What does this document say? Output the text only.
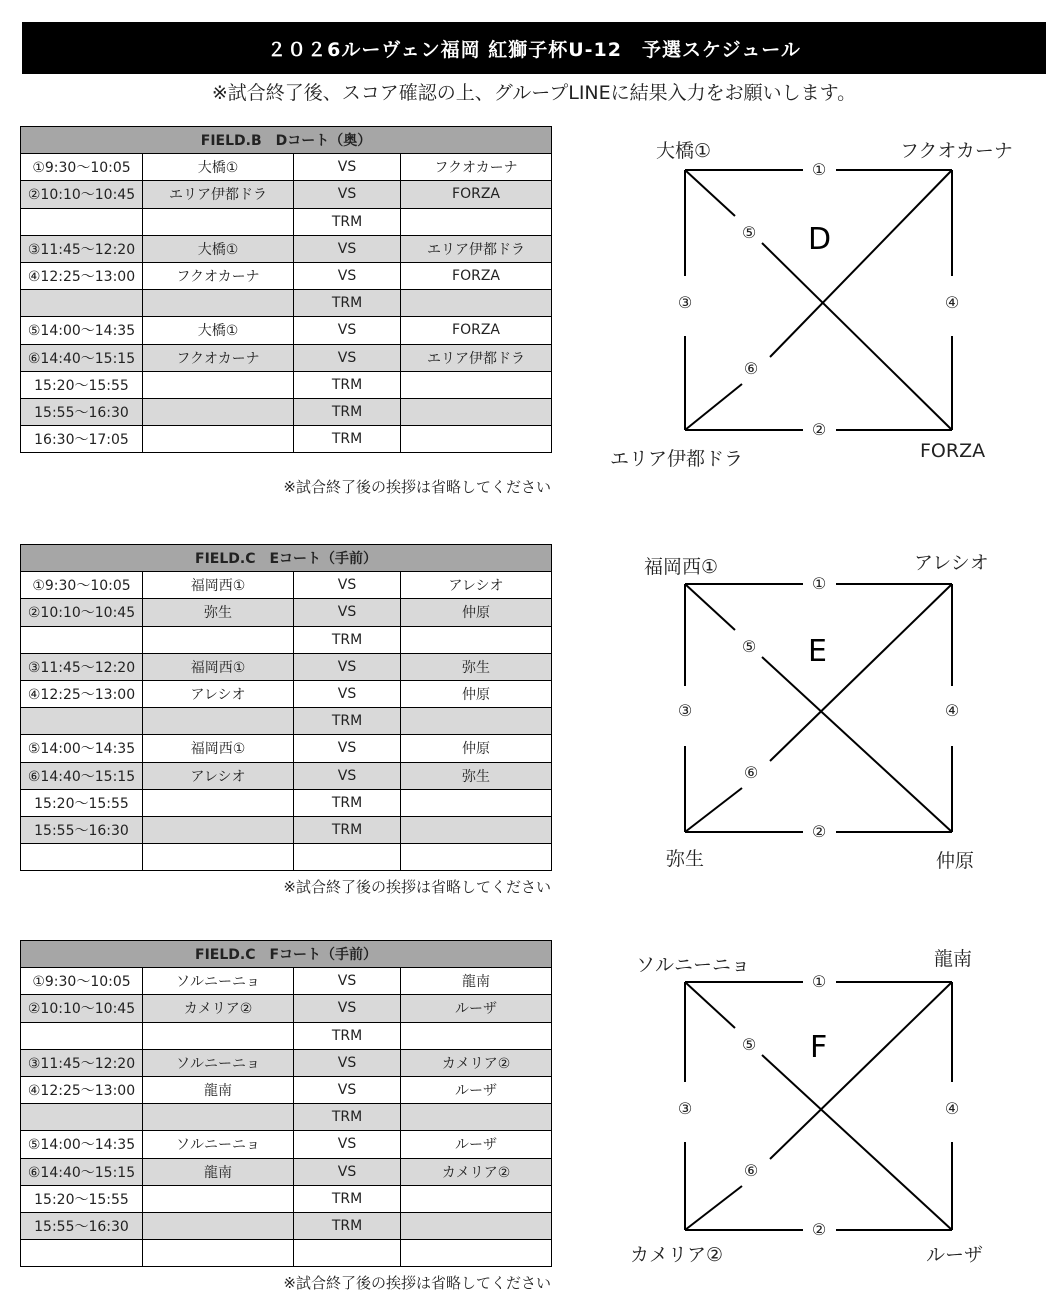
２０２6ルーヴェン福岡 紅獅子杯U-12　予選スケジュール
※試合終了後、スコア確認の上、グループLINEに結果入力をお願いします。
FIELD.B　Dコート（奥）			
①9:30～10:05	大橋①	VS	フクオカーナ
②10:10～10:45	エリア伊都ドラ	VS	FORZA
		TRM	
③11:45～12:20	大橋①	VS	エリア伊都ドラ
④12:25～13:00	フクオカーナ	VS	FORZA
		TRM	
⑤14:00～14:35	大橋①	VS	FORZA
⑥14:40～15:15	フクオカーナ	VS	エリア伊都ドラ
15:20～15:55		TRM	
15:55～16:30		TRM	
16:30～17:05		TRM	
※試合終了後の挨拶は省略してください
FIELD.C　Eコート（手前）			
①9:30～10:05	福岡西①	VS	アレシオ
②10:10～10:45	弥生	VS	仲原
		TRM	
③11:45～12:20	福岡西①	VS	弥生
④12:25～13:00	アレシオ	VS	仲原
		TRM	
⑤14:00～14:35	福岡西①	VS	仲原
⑥14:40～15:15	アレシオ	VS	弥生
15:20～15:55		TRM	
15:55～16:30		TRM	

※試合終了後の挨拶は省略してください
FIELD.C　Fコート（手前）			
①9:30～10:05	ソルニーニョ	VS	龍南
②10:10～10:45	カメリア②	VS	ルーザ
		TRM	
③11:45～12:20	ソルニーニョ	VS	カメリア②
④12:25～13:00	龍南	VS	ルーザ
		TRM	
⑤14:00～14:35	ソルニーニョ	VS	ルーザ
⑥14:40～15:15	龍南	VS	カメリア②
15:20～15:55		TRM	
15:55～16:30		TRM	

※試合終了後の挨拶は省略してください
大橋①	フクオカーナ
エリア伊都ドラ	FORZA
D
①
②
③	④
⑤
⑥
福岡西①	アレシオ
弥生	仲原
E
①
②
③	④
⑤
⑥
ソルニーニョ	龍南
カメリア②	ルーザ
F
①
②
③	④
⑤
⑥
